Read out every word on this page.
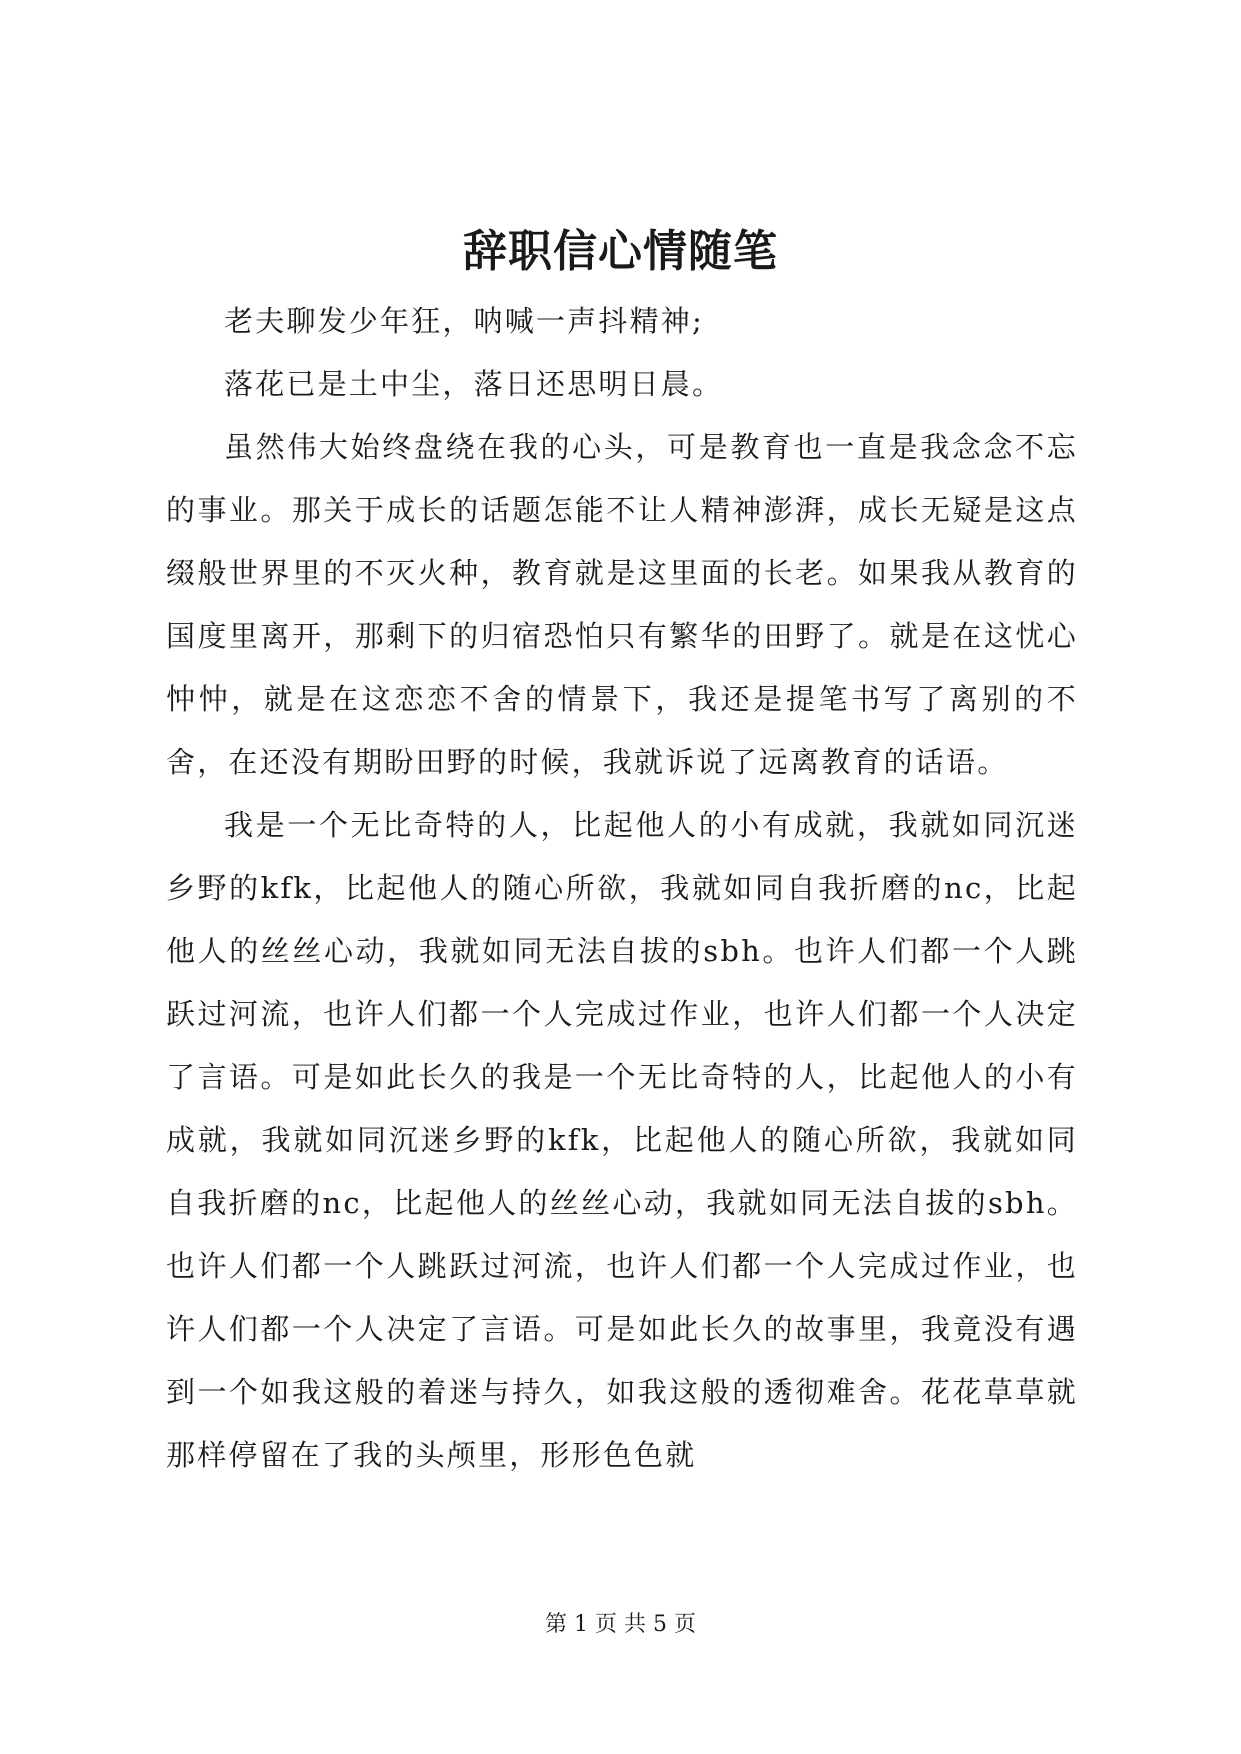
辞职信心情随笔

老夫聊发少年狂，呐喊一声抖精神;

落花已是土中尘，落日还思明日晨。

虽然伟大始终盘绕在我的心头，可是教育也一直是我念念不忘的事业。那关于成长的话题怎能不让人精神澎湃，成长无疑是这点缀般世界里的不灭火种，教育就是这里面的长老。如果我从教育的国度里离开，那剩下的归宿恐怕只有繁华的田野了。就是在这忧心忡忡，就是在这恋恋不舍的情景下，我还是提笔书写了离别的不舍，在还没有期盼田野的时候，我就诉说了远离教育的话语。

我是一个无比奇特的人，比起他人的小有成就，我就如同沉迷乡野的kfk，比起他人的随心所欲，我就如同自我折磨的nc，比起他人的丝丝心动，我就如同无法自拔的sbh。也许人们都一个人跳跃过河流，也许人们都一个人完成过作业，也许人们都一个人决定了言语。可是如此长久的我是一个无比奇特的人，比起他人的小有成就，我就如同沉迷乡野的kfk，比起他人的随心所欲，我就如同自我折磨的nc，比起他人的丝丝心动，我就如同无法自拔的sbh。也许人们都一个人跳跃过河流，也许人们都一个人完成过作业，也许人们都一个人决定了言语。可是如此长久的故事里，我竟没有遇到一个如我这般的着迷与持久，如我这般的透彻难舍。花花草草就那样停留在了我的头颅里，形形色色就

第 1 页 共 5 页
